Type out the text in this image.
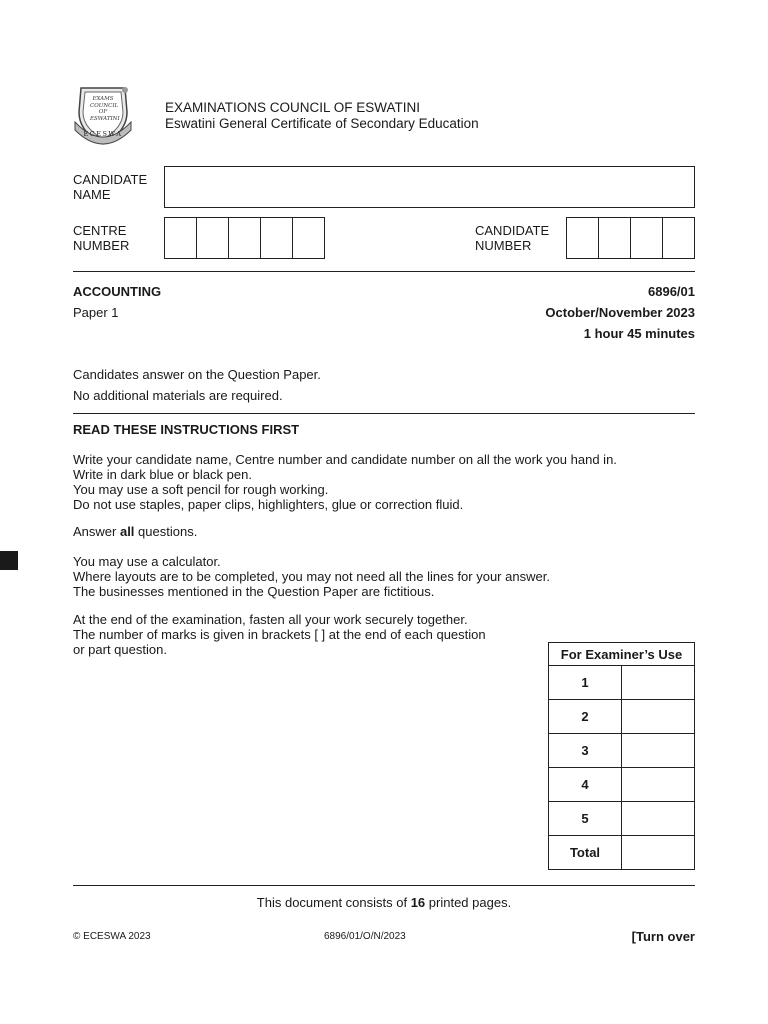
EXAMS COUNCIL OF ESWATINI
ECESWA
EXAMINATIONS COUNCIL OF ESWATINI
Eswatini General Certificate of Secondary Education
CANDIDATE
NAME
CENTRE
NUMBER
CANDIDATE
NUMBER
ACCOUNTING	6896/01
Paper 1	October/November 2023
1 hour 45 minutes
Candidates answer on the Question Paper.
No additional materials are required.
READ THESE INSTRUCTIONS FIRST
Write your candidate name, Centre number and candidate number on all the work you hand in.
Write in dark blue or black pen.
You may use a soft pencil for rough working.
Do not use staples, paper clips, highlighters, glue or correction fluid.
Answer all questions.
You may use a calculator.
Where layouts are to be completed, you may not need all the lines for your answer.
The businesses mentioned in the Question Paper are fictitious.
At the end of the examination, fasten all your work securely together.
The number of marks is given in brackets [ ] at the end of each question
or part question.	For Examiner’s Use	
1	
2	
3	
4	
5	
Total	
This document consists of 16 printed pages.
© ECESWA 2023	6896/01/O/N/2023	[Turn over
